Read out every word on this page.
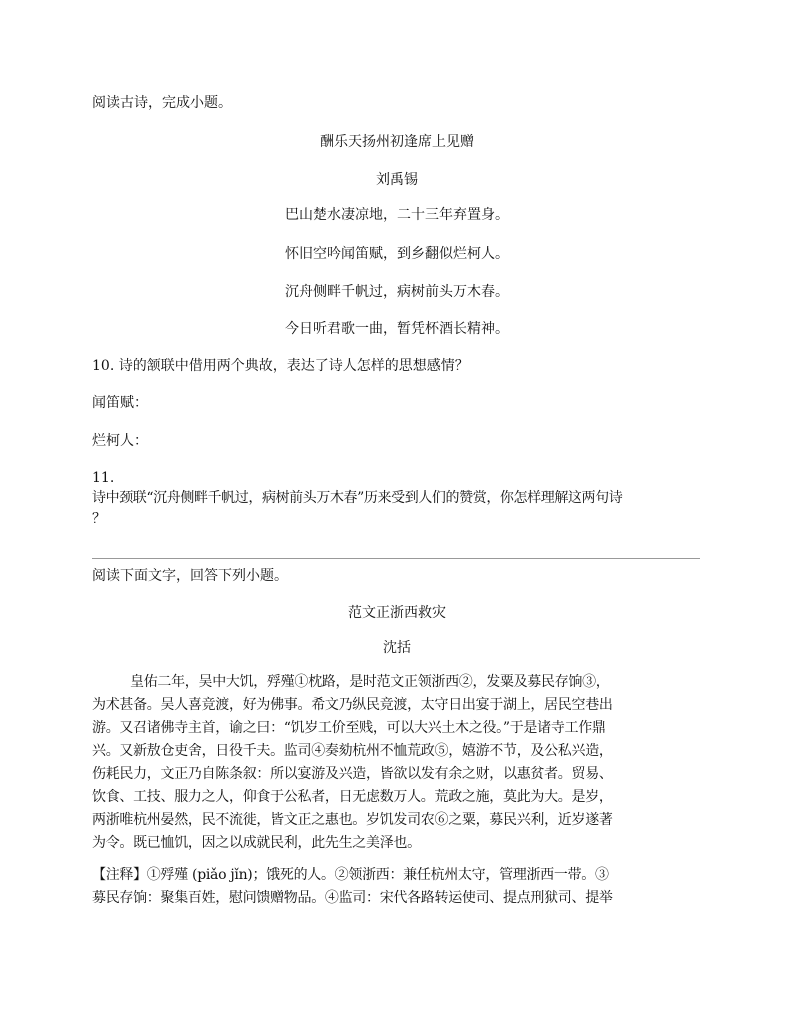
阅读古诗，完成小题。
酬乐天扬州初逢席上见赠
刘禹锡
巴山楚水凄凉地，二十三年弃置身。
怀旧空吟闻笛赋，到乡翻似烂柯人。
沉舟侧畔千帆过，病树前头万木春。
今日听君歌一曲，暂凭杯酒长精神。
10. 诗的颔联中借用两个典故，表达了诗人怎样的思想感情？
闻笛赋：
烂柯人：
11.
诗中颈联“沉舟侧畔千帆过，病树前头万木春”历来受到人们的赞赏，你怎样理解这两句诗
？
阅读下面文字，回答下列小题。
范文正浙西救灾
沈括
皇佑二年，吴中大饥，殍殣①枕路，是时范文正领浙西②，发粟及募民存饷③，
为术甚备。吴人喜竞渡，好为佛事。希文乃纵民竞渡，太守日出宴于湖上，居民空巷出
游。又召诸佛寺主首，谕之曰：“饥岁工价至贱，可以大兴土木之役。”于是诸寺工作鼎
兴。又新敖仓吏舍，日役千夫。监司④奏劾杭州不恤荒政⑤，嬉游不节，及公私兴造，
伤耗民力，文正乃自陈条叙：所以宴游及兴造，皆欲以发有余之财，以惠贫者。贸易、
饮食、工技、服力之人，仰食于公私者，日无虑数万人。荒政之施，莫此为大。是岁，
两浙唯杭州晏然，民不流徙，皆文正之惠也。岁饥发司农⑥之粟，募民兴利，近岁遂著
为令。既已恤饥，因之以成就民利，此先生之美泽也。
【注释】①殍殣 (piǎo jǐn)；饿死的人。②领浙西：兼任杭州太守，管理浙西一带。③
募民存饷：聚集百姓，慰问馈赠物品。④监司：宋代各路转运使司、提点刑狱司、提举
